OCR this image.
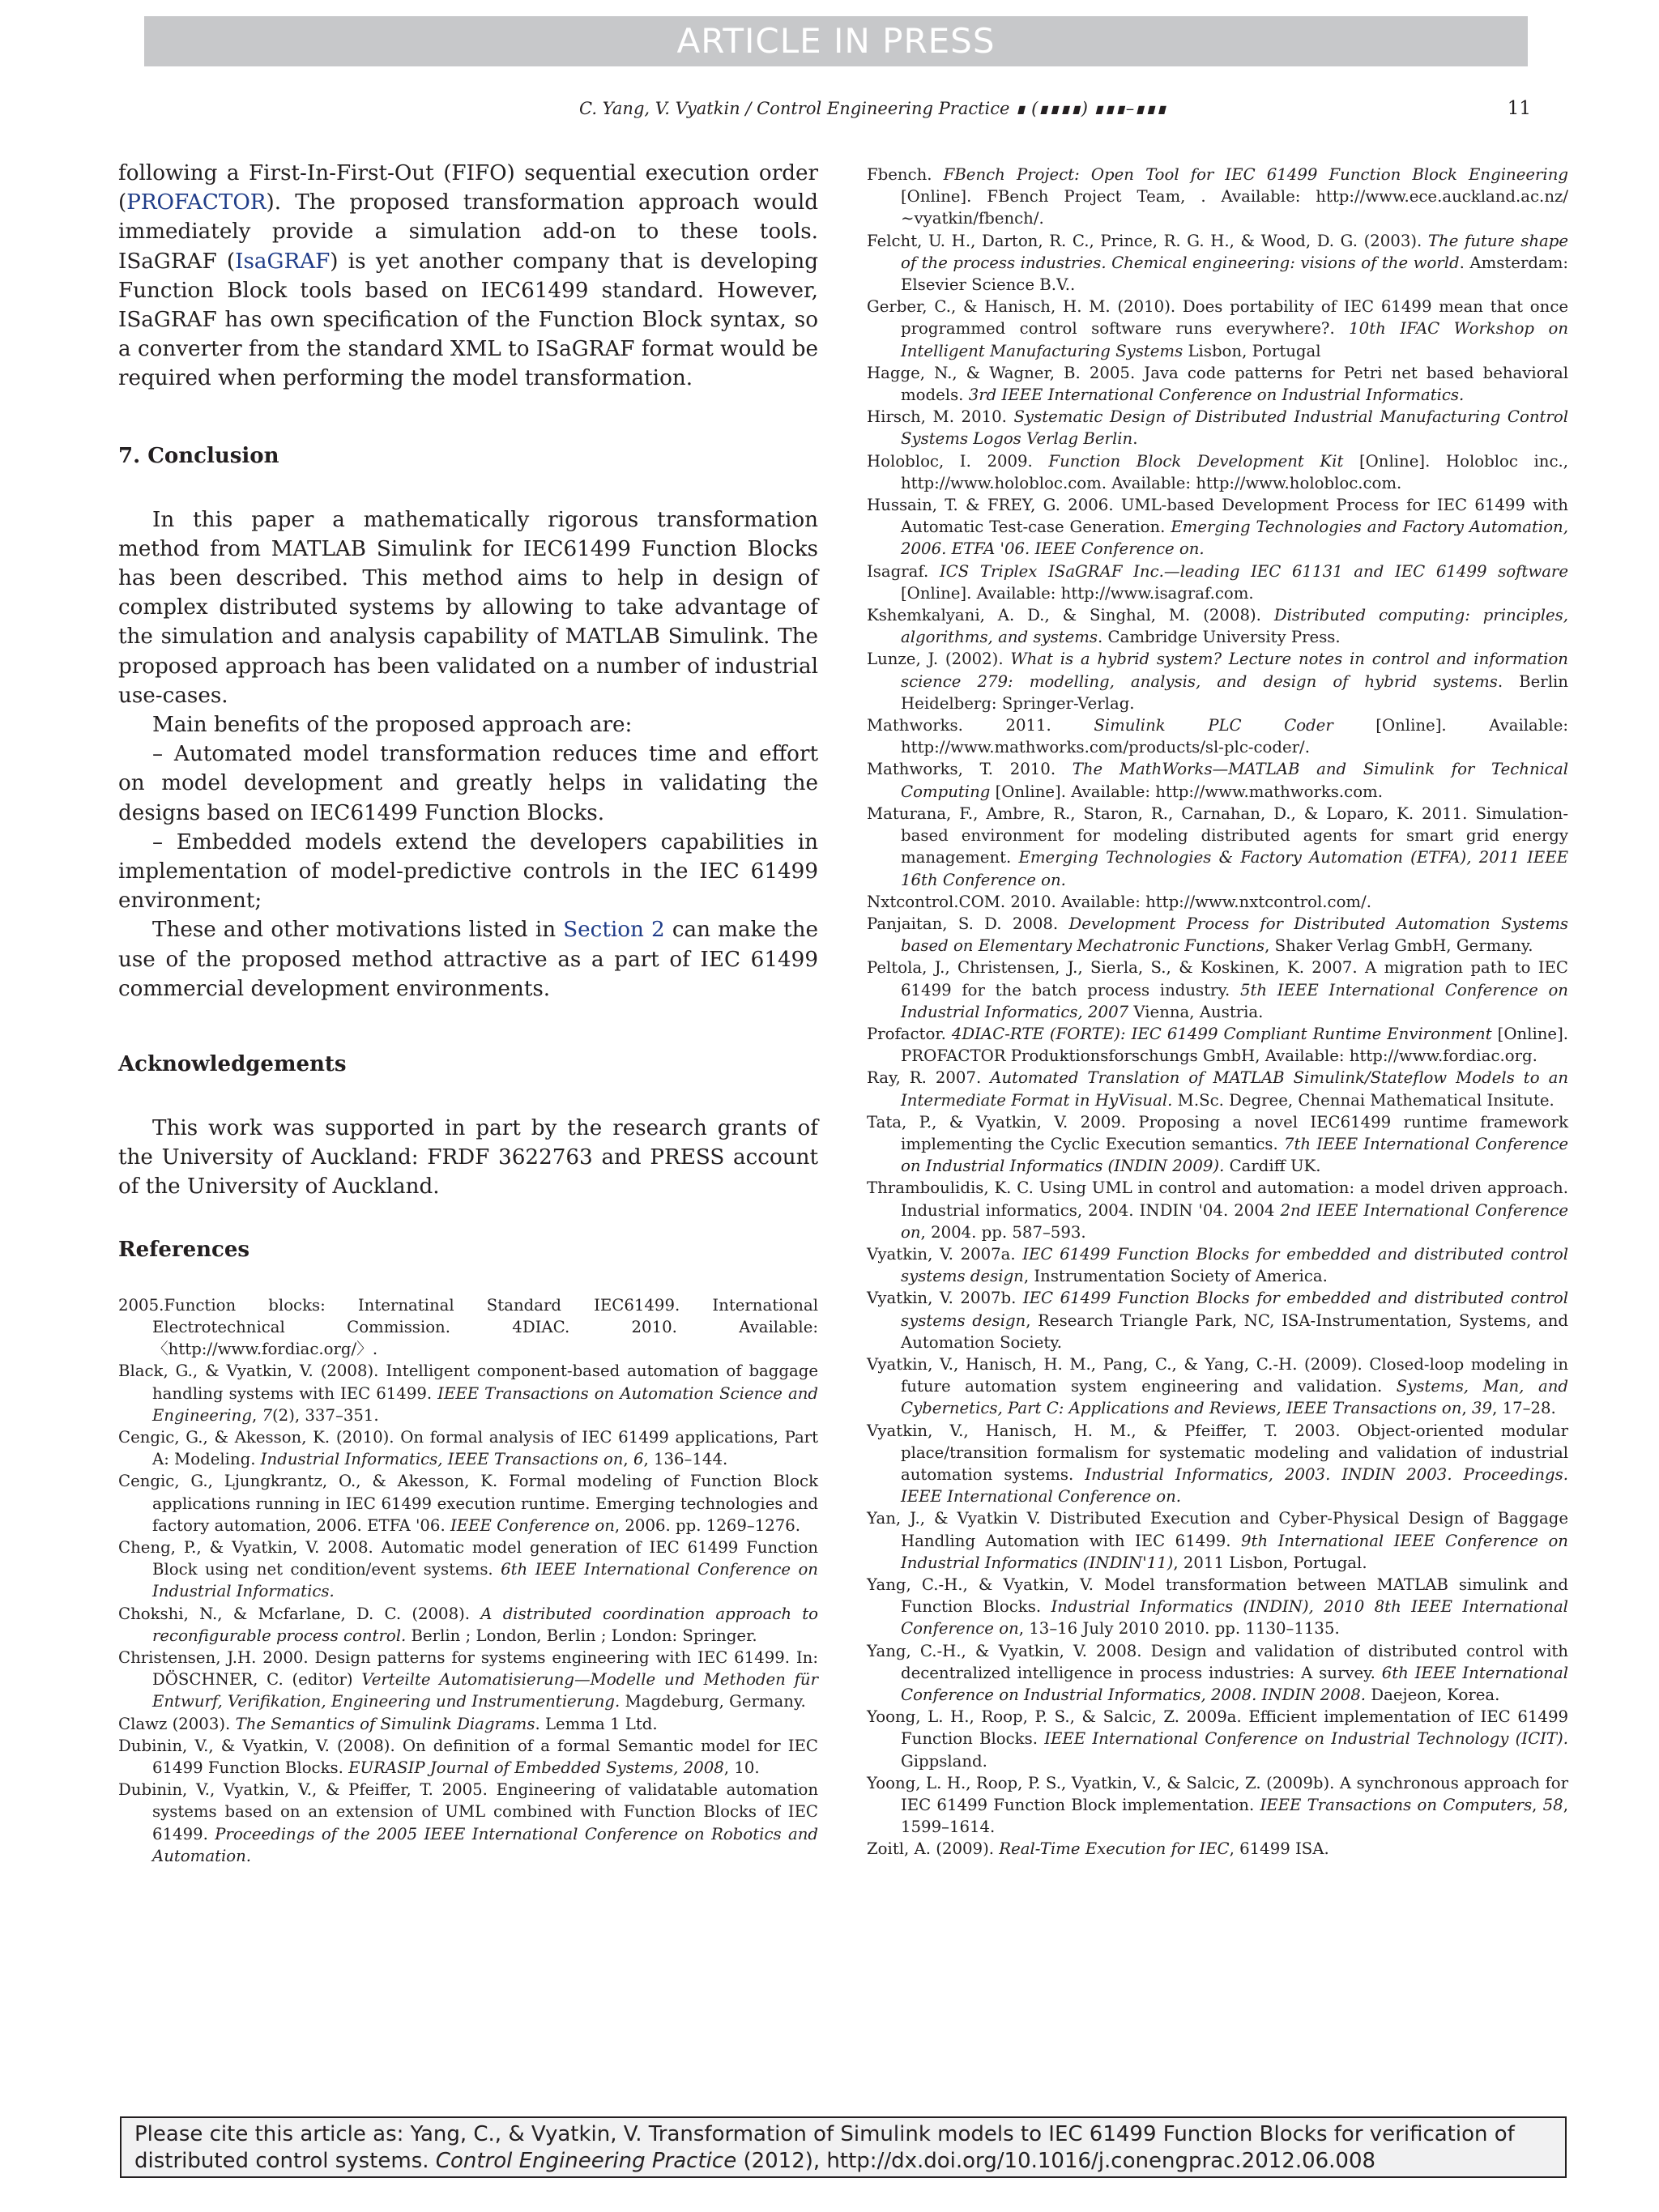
ARTICLE IN PRESS
C. Yang, V. Vyatkin / Control Engineering Practice ∎ (∎∎∎∎) ∎∎∎–∎∎∎	11

following a First-In-First-Out (FIFO) sequential execution order (PROFACTOR). The proposed transformation approach would immediately provide a simulation add-on to these tools. ISaGRAF (IsaGRAF) is yet another company that is developing Function Block tools based on IEC61499 standard. However, ISaGRAF has own specification of the Function Block syntax, so a converter from the standard XML to ISaGRAF format would be required when performing the model transformation.

7. Conclusion

In this paper a mathematically rigorous transformation method from MATLAB Simulink for IEC61499 Function Blocks has been described. This method aims to help in design of complex distributed systems by allowing to take advantage of the simulation and analysis capability of MATLAB Simulink. The proposed approach has been validated on a number of industrial use-cases.

Main benefits of the proposed approach are:

– Automated model transformation reduces time and effort on model development and greatly helps in validating the designs based on IEC61499 Function Blocks.

– Embedded models extend the developers capabilities in implementation of model-predictive controls in the IEC 61499 environment;

These and other motivations listed in Section 2 can make the use of the proposed method attractive as a part of IEC 61499 commercial development environments.

Acknowledgements

This work was supported in part by the research grants of the University of Auckland: FRDF 3622763 and PRESS account of the University of Auckland.

References

2005.Function blocks: Internatinal Standard IEC61499. International Electrotechnical Commission. 4DIAC. 2010. Available: 〈http://www.fordiac.org/〉.

Black, G., & Vyatkin, V. (2008). Intelligent component-based automation of baggage handling systems with IEC 61499. IEEE Transactions on Automation Science and Engineering, 7(2), 337–351.

Cengic, G., & Akesson, K. (2010). On formal analysis of IEC 61499 applications, Part A: Modeling. Industrial Informatics, IEEE Transactions on, 6, 136–144.

Cengic, G., Ljungkrantz, O., & Akesson, K. Formal modeling of Function Block applications running in IEC 61499 execution runtime. Emerging technologies and factory automation, 2006. ETFA '06. IEEE Conference on, 2006. pp. 1269–1276.

Cheng, P., & Vyatkin, V. 2008. Automatic model generation of IEC 61499 Function Block using net condition/event systems. 6th IEEE International Conference on Industrial Informatics.

Chokshi, N., & Mcfarlane, D. C. (2008). A distributed coordination approach to reconfigurable process control. Berlin ; London, Berlin ; London: Springer.

Christensen, J.H. 2000. Design patterns for systems engineering with IEC 61499. In: DÖSCHNER, C. (editor) Verteilte Automatisierung—Modelle und Methoden für Entwurf, Verifikation, Engineering und Instrumentierung. Magdeburg, Germany.

Clawz (2003). The Semantics of Simulink Diagrams. Lemma 1 Ltd.

Dubinin, V., & Vyatkin, V. (2008). On definition of a formal Semantic model for IEC 61499 Function Blocks. EURASIP Journal of Embedded Systems, 2008, 10.

Dubinin, V., Vyatkin, V., & Pfeiffer, T. 2005. Engineering of validatable automation systems based on an extension of UML combined with Function Blocks of IEC 61499. Proceedings of the 2005 IEEE International Conference on Robotics and Automation.

Fbench. FBench Project: Open Tool for IEC 61499 Function Block Engineering [Online]. FBench Project Team, . Available: http://www.ece.auckland.ac.nz/∼vyatkin/fbench/.

Felcht, U. H., Darton, R. C., Prince, R. G. H., & Wood, D. G. (2003). The future shape of the process industries. Chemical engineering: visions of the world. Amsterdam: Elsevier Science B.V..

Gerber, C., & Hanisch, H. M. (2010). Does portability of IEC 61499 mean that once programmed control software runs everywhere?. 10th IFAC Workshop on Intelligent Manufacturing Systems Lisbon, Portugal

Hagge, N., & Wagner, B. 2005. Java code patterns for Petri net based behavioral models. 3rd IEEE International Conference on Industrial Informatics.

Hirsch, M. 2010. Systematic Design of Distributed Industrial Manufacturing Control Systems Logos Verlag Berlin.

Holobloc, I. 2009. Function Block Development Kit [Online]. Holobloc inc., http://www.holobloc.com. Available: http://www.holobloc.com.

Hussain, T. & FREY, G. 2006. UML-based Development Process for IEC 61499 with Automatic Test-case Generation. Emerging Technologies and Factory Automation, 2006. ETFA '06. IEEE Conference on.

Isagraf. ICS Triplex ISaGRAF Inc.—leading IEC 61131 and IEC 61499 software [Online]. Available: http://www.isagraf.com.

Kshemkalyani, A. D., & Singhal, M. (2008). Distributed computing: principles, algorithms, and systems. Cambridge University Press.

Lunze, J. (2002). What is a hybrid system? Lecture notes in control and information science 279: modelling, analysis, and design of hybrid systems. Berlin Heidelberg: Springer-Verlag.

Mathworks. 2011. Simulink PLC Coder [Online]. Available: http://www.mathworks.com/products/sl-plc-coder/.

Mathworks, T. 2010. The MathWorks—MATLAB and Simulink for Technical Computing [Online]. Available: http://www.mathworks.com.

Maturana, F., Ambre, R., Staron, R., Carnahan, D., & Loparo, K. 2011. Simulation-based environment for modeling distributed agents for smart grid energy management. Emerging Technologies & Factory Automation (ETFA), 2011 IEEE 16th Conference on.

Nxtcontrol.COM. 2010. Available: http://www.nxtcontrol.com/.

Panjaitan, S. D. 2008. Development Process for Distributed Automation Systems based on Elementary Mechatronic Functions, Shaker Verlag GmbH, Germany.

Peltola, J., Christensen, J., Sierla, S., & Koskinen, K. 2007. A migration path to IEC 61499 for the batch process industry. 5th IEEE International Conference on Industrial Informatics, 2007 Vienna, Austria.

Profactor. 4DIAC-RTE (FORTE): IEC 61499 Compliant Runtime Environment [Online]. PROFACTOR Produktionsforschungs GmbH, Available: http://www.fordiac.org.

Ray, R. 2007. Automated Translation of MATLAB Simulink/Stateflow Models to an Intermediate Format in HyVisual. M.Sc. Degree, Chennai Mathematical Insitute.

Tata, P., & Vyatkin, V. 2009. Proposing a novel IEC61499 runtime framework implementing the Cyclic Execution semantics. 7th IEEE International Conference on Industrial Informatics (INDIN 2009). Cardiff UK.

Thramboulidis, K. C. Using UML in control and automation: a model driven approach. Industrial informatics, 2004. INDIN '04. 2004 2nd IEEE International Conference on, 2004. pp. 587–593.

Vyatkin, V. 2007a. IEC 61499 Function Blocks for embedded and distributed control systems design, Instrumentation Society of America.

Vyatkin, V. 2007b. IEC 61499 Function Blocks for embedded and distributed control systems design, Research Triangle Park, NC, ISA-Instrumentation, Systems, and Automation Society.

Vyatkin, V., Hanisch, H. M., Pang, C., & Yang, C.-H. (2009). Closed-loop modeling in future automation system engineering and validation. Systems, Man, and Cybernetics, Part C: Applications and Reviews, IEEE Transactions on, 39, 17–28.

Vyatkin, V., Hanisch, H. M., & Pfeiffer, T. 2003. Object-oriented modular place/transition formalism for systematic modeling and validation of industrial automation systems. Industrial Informatics, 2003. INDIN 2003. Proceedings. IEEE International Conference on.

Yan, J., & Vyatkin V. Distributed Execution and Cyber-Physical Design of Baggage Handling Automation with IEC 61499. 9th International IEEE Conference on Industrial Informatics (INDIN'11), 2011 Lisbon, Portugal.

Yang, C.-H., & Vyatkin, V. Model transformation between MATLAB simulink and Function Blocks. Industrial Informatics (INDIN), 2010 8th IEEE International Conference on, 13–16 July 2010 2010. pp. 1130–1135.

Yang, C.-H., & Vyatkin, V. 2008. Design and validation of distributed control with decentralized intelligence in process industries: A survey. 6th IEEE International Conference on Industrial Informatics, 2008. INDIN 2008. Daejeon, Korea.

Yoong, L. H., Roop, P. S., & Salcic, Z. 2009a. Efficient implementation of IEC 61499 Function Blocks. IEEE International Conference on Industrial Technology (ICIT). Gippsland.

Yoong, L. H., Roop, P. S., Vyatkin, V., & Salcic, Z. (2009b). A synchronous approach for IEC 61499 Function Block implementation. IEEE Transactions on Computers, 58, 1599–1614.

Zoitl, A. (2009). Real-Time Execution for IEC, 61499 ISA.

Please cite this article as: Yang, C., & Vyatkin, V. Transformation of Simulink models to IEC 61499 Function Blocks for verification of distributed control systems. Control Engineering Practice (2012), http://dx.doi.org/10.1016/j.conengprac.2012.06.008
